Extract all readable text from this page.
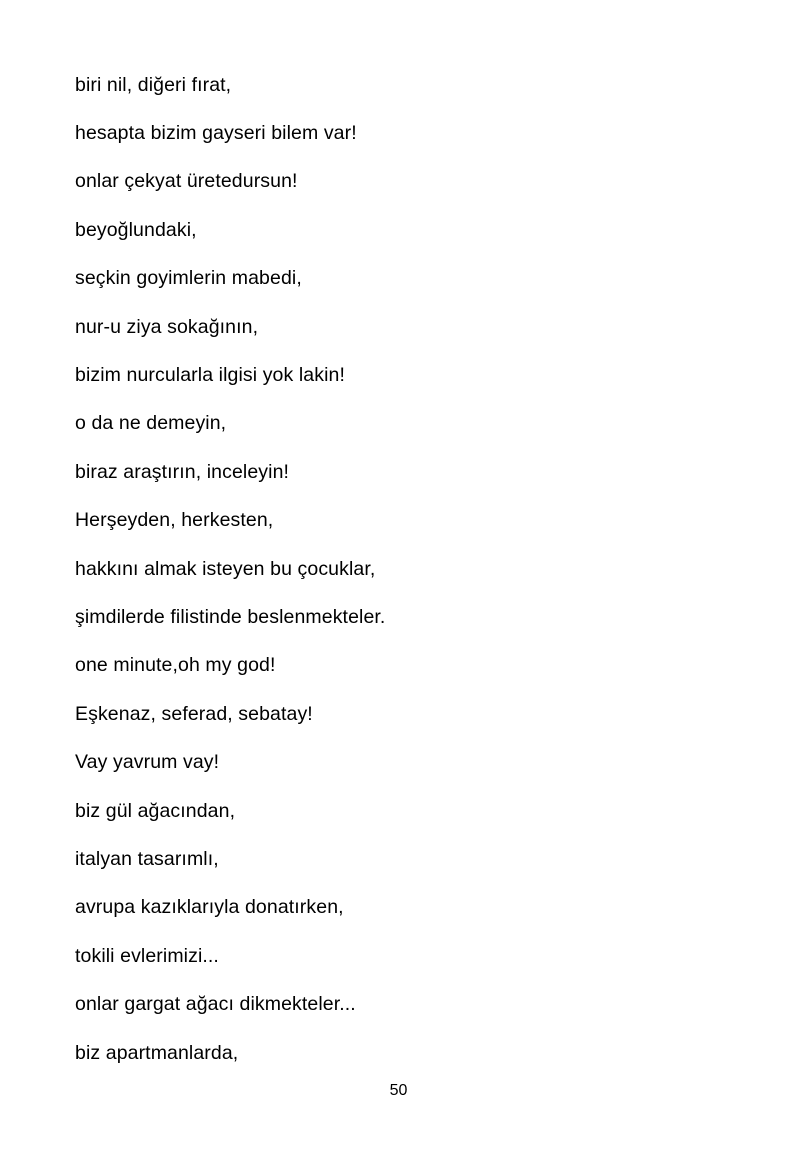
biri nil, diğeri fırat,
hesapta bizim gayseri bilem var!
onlar çekyat üretedursun!
beyoğlundaki,
seçkin goyimlerin mabedi,
nur-u ziya sokağının,
bizim nurcularla ilgisi yok lakin!
o da ne demeyin,
biraz araştırın, inceleyin!
Herşeyden, herkesten,
hakkını almak isteyen bu çocuklar,
şimdilerde filistinde beslenmekteler.
one minute,oh my god!
Eşkenaz, seferad, sebatay!
Vay yavrum vay!
biz gül ağacından,
italyan tasarımlı,
avrupa kazıklarıyla donatırken,
tokili evlerimizi...
onlar gargat ağacı dikmekteler...
biz apartmanlarda,
50
